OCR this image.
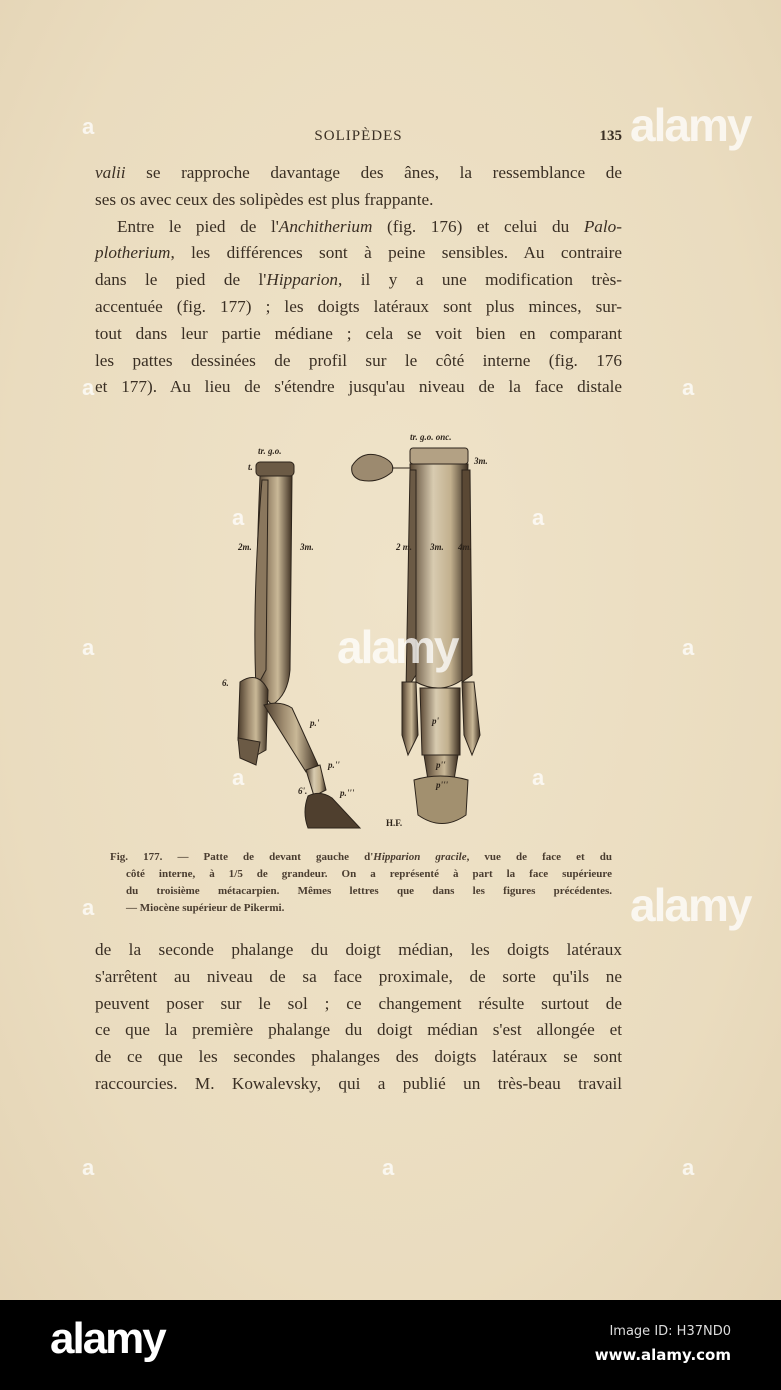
SOLIPÈDES	135
valii se rapproche davantage des ânes, la ressemblance de
ses os avec ceux des solipèdes est plus frappante.
Entre le pied de l'Anchitherium (fig. 176) et celui du Palo-
plotherium, les différences sont à peine sensibles. Au contraire
dans le pied de l'Hipparion, il y a une modification très-
accentuée (fig. 177) ; les doigts latéraux sont plus minces, sur-
tout dans leur partie médiane ; cela se voit bien en comparant
les pattes dessinées de profil sur le côté interne (fig. 176
et 177). Au lieu de s'étendre jusqu'au niveau de la face distale
tr. g.o.
t.
2m.	3m.
6.
p.'
p.''
p.'''
6'.
tr. g.o. onc.
3m.
2 m. 3m. 4m.
p'
p''
p'''
H.F.
Fig. 177. — Patte de devant gauche d'Hipparion gracile, vue de face et du
côté interne, à 1/5 de grandeur. On a représenté à part la face supérieure
du troisième métacarpien. Mêmes lettres que dans les figures précédentes.
— Miocène supérieur de Pikermi.
de la seconde phalange du doigt médian, les doigts latéraux
s'arrêtent au niveau de sa face proximale, de sorte qu'ils ne
peuvent poser sur le sol ; ce changement résulte surtout de
ce que la première phalange du doigt médian s'est allongée et
de ce que les secondes phalanges des doigts latéraux se sont
raccourcies. M. Kowalevsky, qui a publié un très-beau travail
alamy
alamy
alamy
a
a	a
a	a
a	a
a	a
a
a	a	a
alamy	Image ID: H37ND0
www.alamy.com
